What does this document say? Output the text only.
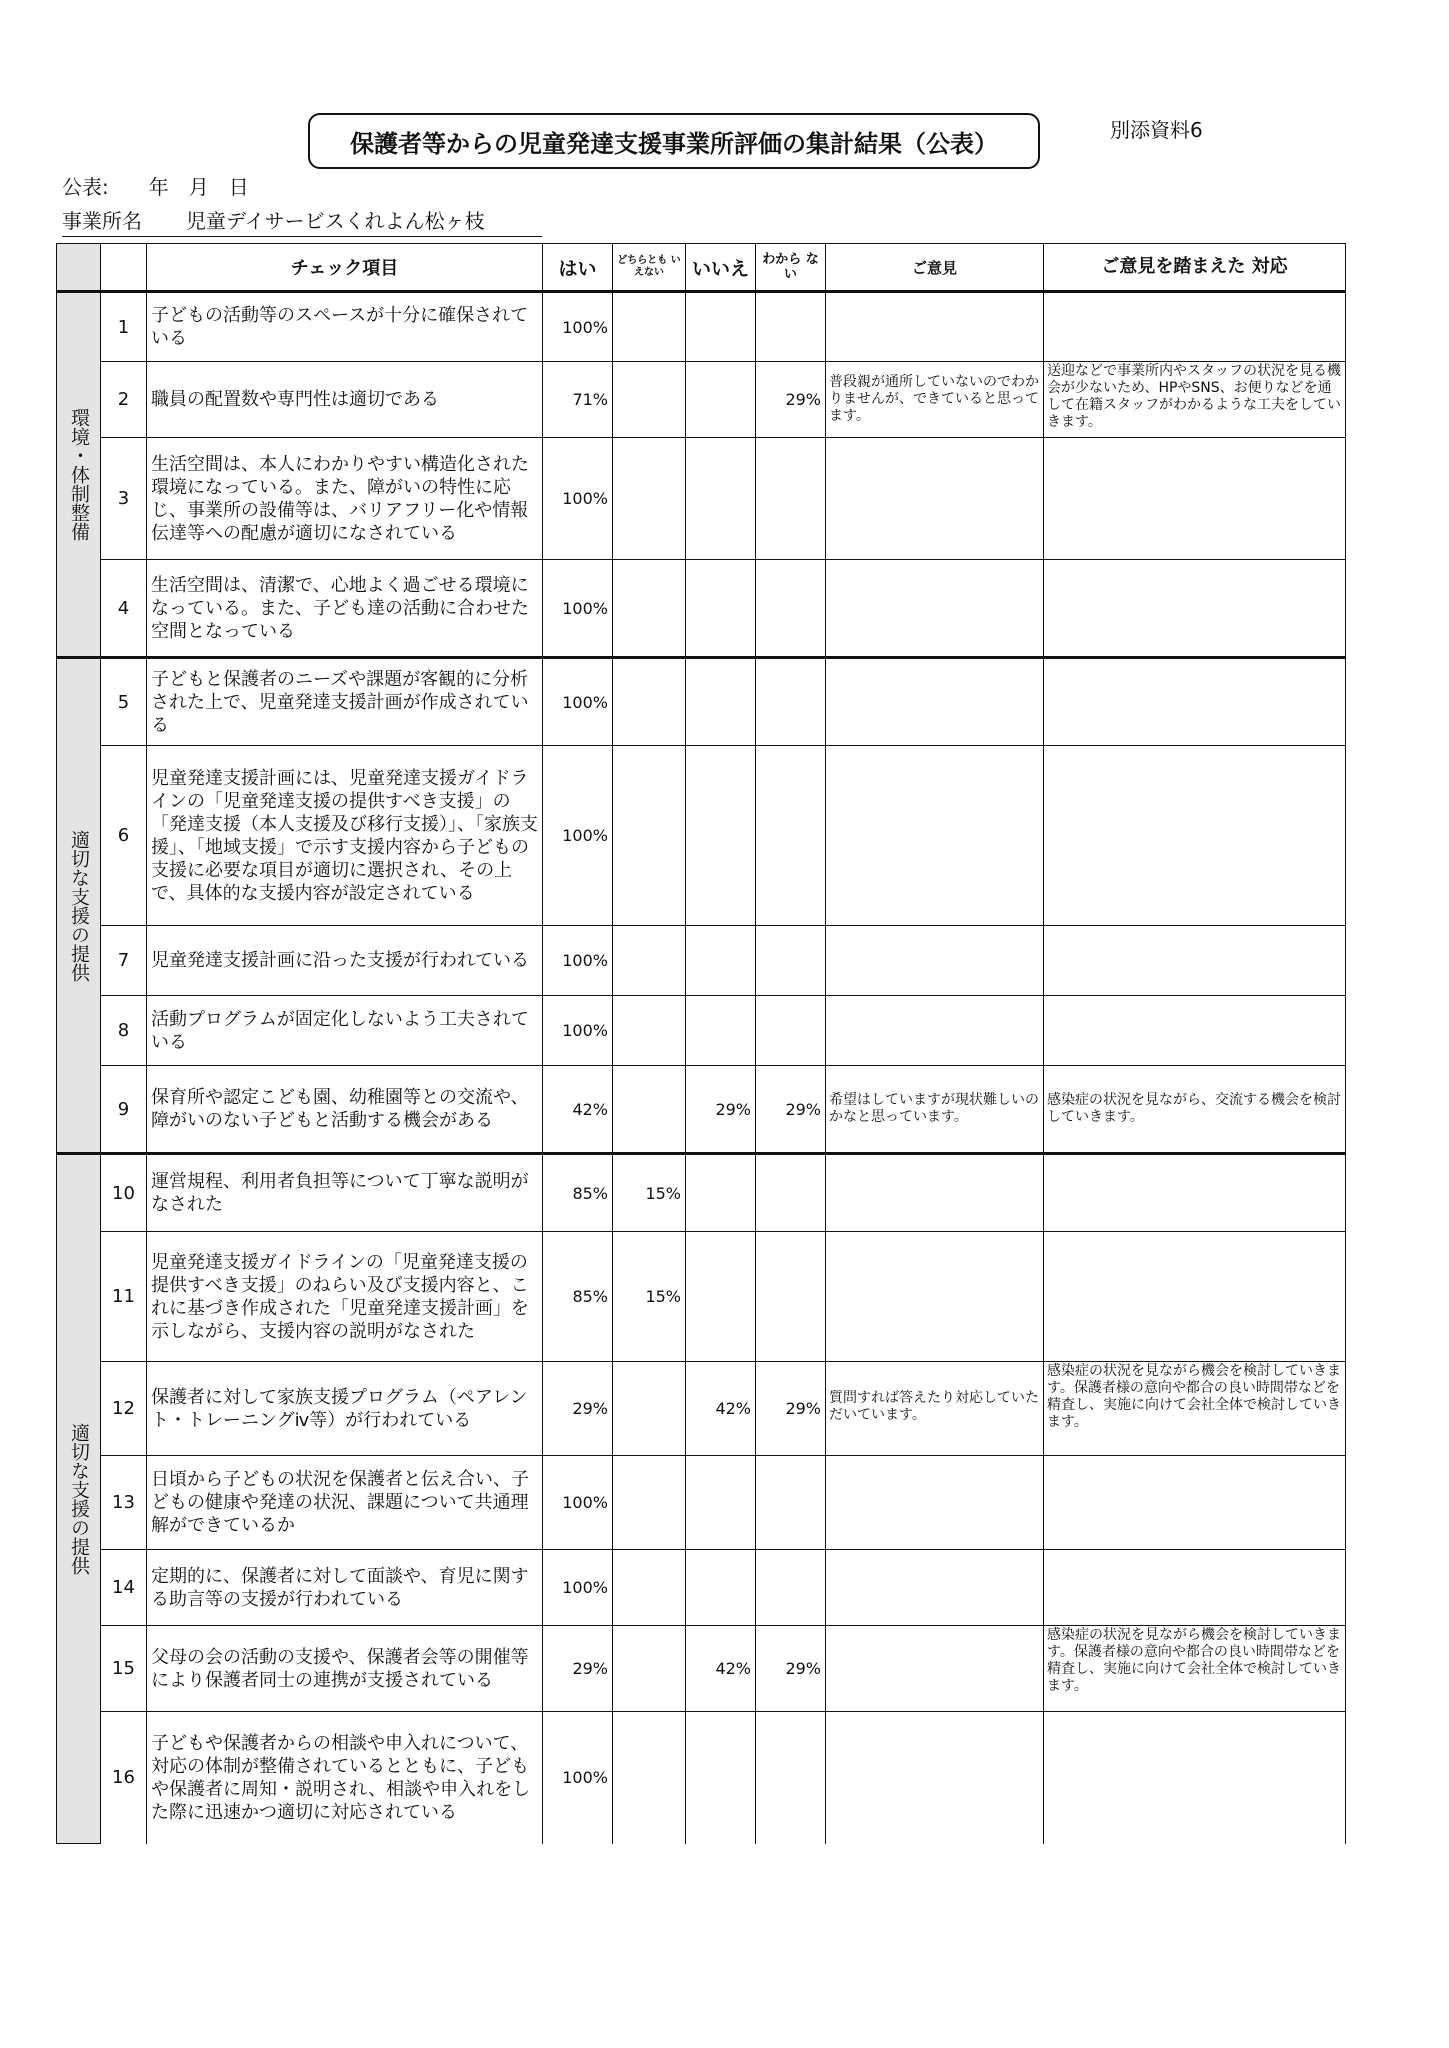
保護者等からの児童発達支援事業所評価の集計結果（公表）	別添資料6
公表:　　年　月　日
事業所名 児童デイサービスくれよん松ヶ枝
		チェック項目	はい	どちらとも いえない	いいえ	わから ない	ご意見	ご意見を踏まえた 対応

環境・体制整備	1	子どもの活動等のスペースが十分に確保されている	100%					
	2	職員の配置数や専門性は適切である	71%			29%	普段親が通所していないのでわかりませんが、できていると思ってます。	送迎などで事業所内やスタッフの状況を見る機会が少ないため、HPやSNS、お便りなどを通して在籍スタッフがわかるような工夫をしていきます。
	3	生活空間は、本人にわかりやすい構造化された環境になっている。また、障がいの特性に応じ、事業所の設備等は、バリアフリー化や情報伝達等への配慮が適切になされている	100%					
	4	生活空間は、清潔で、心地よく過ごせる環境になっている。また、子ども達の活動に合わせた空間となっている	100%					

適切な支援の提供	5	子どもと保護者のニーズや課題が客観的に分析された上で、児童発達支援計画が作成されている	100%					
	6	児童発達支援計画には、児童発達支援ガイドラインの「児童発達支援の提供すべき支援」の「発達支援（本人支援及び移行支援）」、「家族支援」、「地域支援」で示す支援内容から子どもの支援に必要な項目が適切に選択され、その上で、具体的な支援内容が設定されている	100%					
	7	児童発達支援計画に沿った支援が行われている	100%					
	8	活動プログラムが固定化しないよう工夫されている	100%					
	9	保育所や認定こども園、幼稚園等との交流や、障がいのない子どもと活動する機会がある	42%		29%	29%	希望はしていますが現状難しいのかなと思っています。	感染症の状況を見ながら、交流する機会を検討していきます。

適切な支援の提供	10	運営規程、利用者負担等について丁寧な説明がなされた	85%	15%				
	11	児童発達支援ガイドラインの「児童発達支援の提供すべき支援」のねらい及び支援内容と、これに基づき作成された「児童発達支援計画」を示しながら、支援内容の説明がなされた	85%	15%				
	12	保護者に対して家族支援プログラム（ペアレント・トレーニングⅳ等）が行われている	29%		42%	29%	質問すれば答えたり対応していただいています。	感染症の状況を見ながら機会を検討していきます。保護者様の意向や都合の良い時間帯などを精査し、実施に向けて会社全体で検討していきます。
	13	日頃から子どもの状況を保護者と伝え合い、子どもの健康や発達の状況、課題について共通理解ができているか	100%					
	14	定期的に、保護者に対して面談や、育児に関する助言等の支援が行われている	100%					
	15	父母の会の活動の支援や、保護者会等の開催等により保護者同士の連携が支援されている	29%		42%	29%		感染症の状況を見ながら機会を検討していきます。保護者様の意向や都合の良い時間帯などを精査し、実施に向けて会社全体で検討していきます。
	16	子どもや保護者からの相談や申入れについて、対応の体制が整備されているとともに、子どもや保護者に周知・説明され、相談や申入れをした際に迅速かつ適切に対応されている	100%					
